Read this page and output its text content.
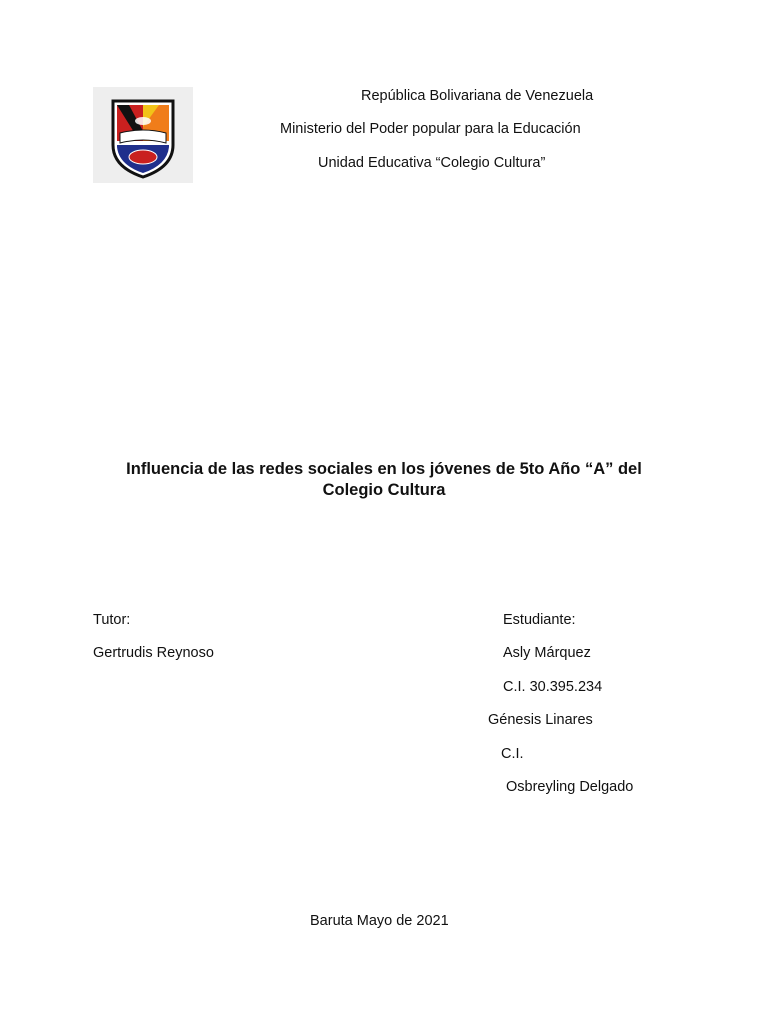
República Bolivariana de Venezuela
Ministerio del Poder popular para la Educación
Unidad Educativa “Colegio Cultura”
Influencia de las redes sociales en los jóvenes de 5to Año “A” del
Colegio Cultura
Tutor:
Gertrudis Reynoso
Estudiante:
Asly Márquez
C.I. 30.395.234
Génesis Linares
C.I.
Osbreyling Delgado
Baruta Mayo de 2021
